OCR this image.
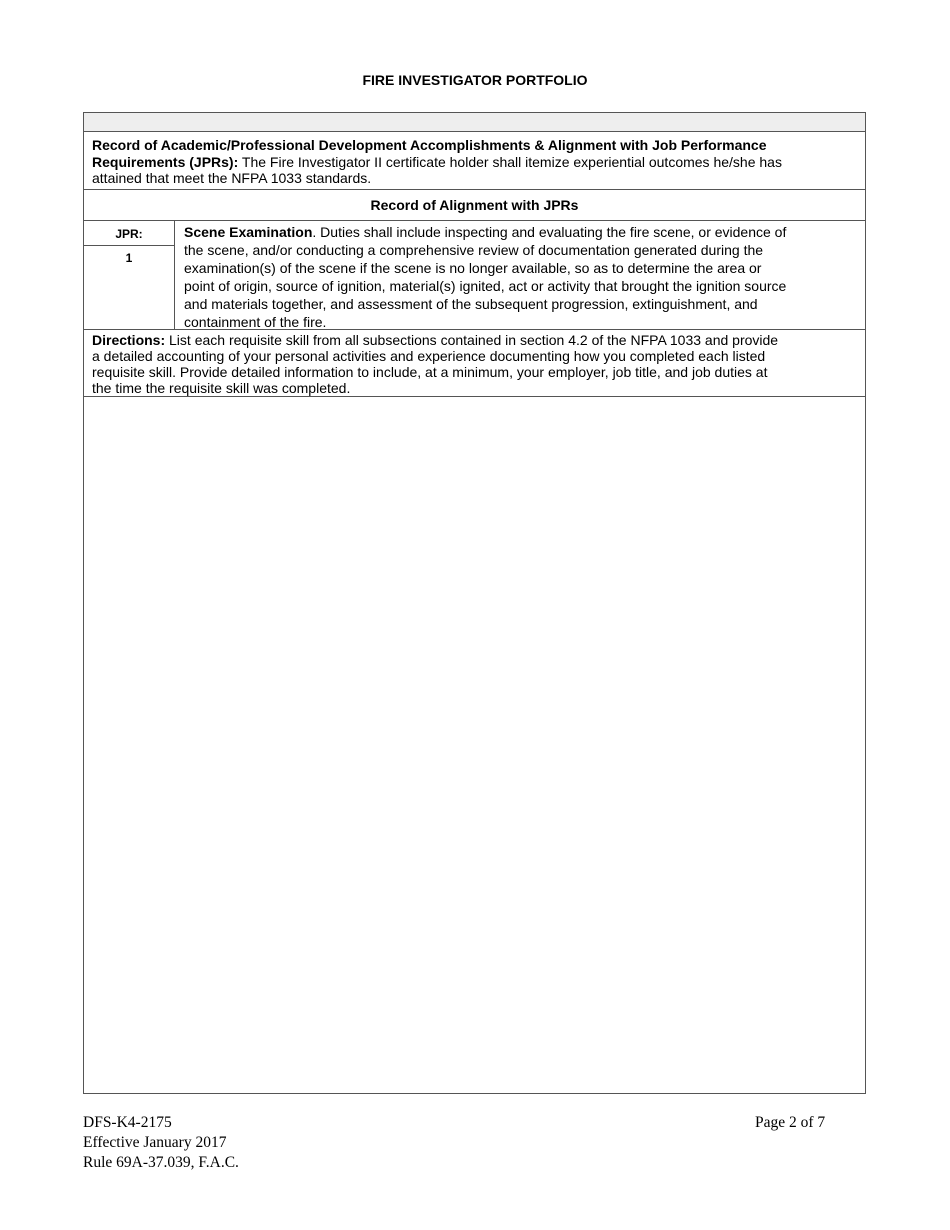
FIRE INVESTIGATOR PORTFOLIO
Record of Academic/Professional Development Accomplishments & Alignment with Job Performance
Requirements (JPRs): The Fire Investigator II certificate holder shall itemize experiential outcomes he/she has
attained that meet the NFPA 1033 standards.
Record of Alignment with JPRs
JPR:
1
Scene Examination. Duties shall include inspecting and evaluating the fire scene, or evidence of
the scene, and/or conducting a comprehensive review of documentation generated during the
examination(s) of the scene if the scene is no longer available, so as to determine the area or
point of origin, source of ignition, material(s) ignited, act or activity that brought the ignition source
and materials together, and assessment of the subsequent progression, extinguishment, and
containment of the fire.
Directions: List each requisite skill from all subsections contained in section 4.2 of the NFPA 1033 and provide
a detailed accounting of your personal activities and experience documenting how you completed each listed
requisite skill. Provide detailed information to include, at a minimum, your employer, job title, and job duties at
the time the requisite skill was completed.
DFS-K4-2175
Effective January 2017
Rule 69A-37.039, F.A.C.
Page 2 of 7
